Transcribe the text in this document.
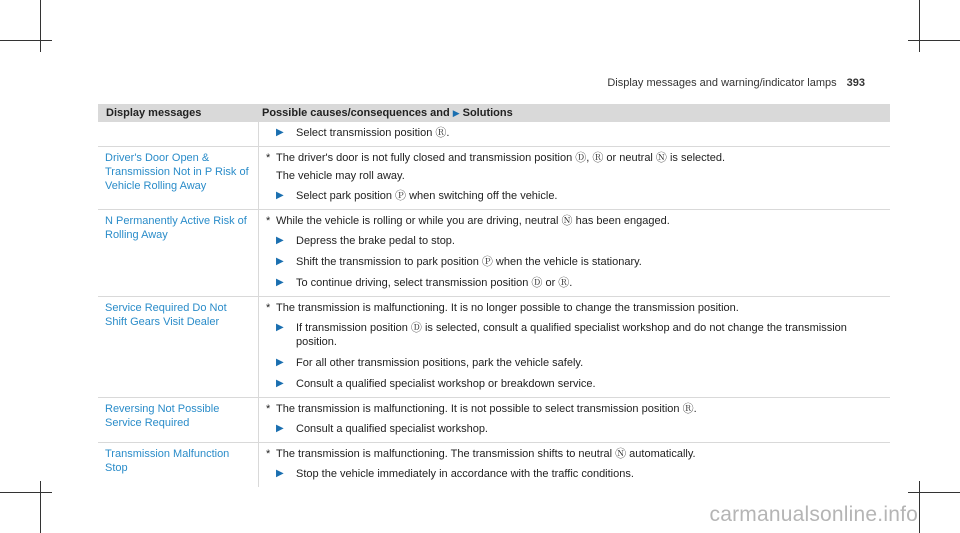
Display messages and warning/indicator lamps 393
Display messages	Possible causes/consequences and ▶ Solutions
▶ Select transmission position Ⓡ.
Driver's Door Open & Transmission Not in P Risk of Vehicle Rolling Away
* The driver's door is not fully closed and transmission position Ⓓ, Ⓡ or neutral Ⓝ is selected.
The vehicle may roll away.
▶ Select park position Ⓟ when switching off the vehicle.
N Permanently Active Risk of Rolling Away
* While the vehicle is rolling or while you are driving, neutral Ⓝ has been engaged.
▶ Depress the brake pedal to stop.
▶ Shift the transmission to park position Ⓟ when the vehicle is stationary.
▶ To continue driving, select transmission position Ⓓ or Ⓡ.
Service Required Do Not Shift Gears Visit Dealer
* The transmission is malfunctioning. It is no longer possible to change the transmission position.
▶ If transmission position Ⓓ is selected, consult a qualified specialist workshop and do not change the transmission position.
▶ For all other transmission positions, park the vehicle safely.
▶ Consult a qualified specialist workshop or breakdown service.
Reversing Not Possible Service Required
* The transmission is malfunctioning. It is not possible to select transmission position Ⓡ.
▶ Consult a qualified specialist workshop.
Transmission Malfunction Stop
* The transmission is malfunctioning. The transmission shifts to neutral Ⓝ automatically.
▶ Stop the vehicle immediately in accordance with the traffic conditions.
carmanualsonline.info
